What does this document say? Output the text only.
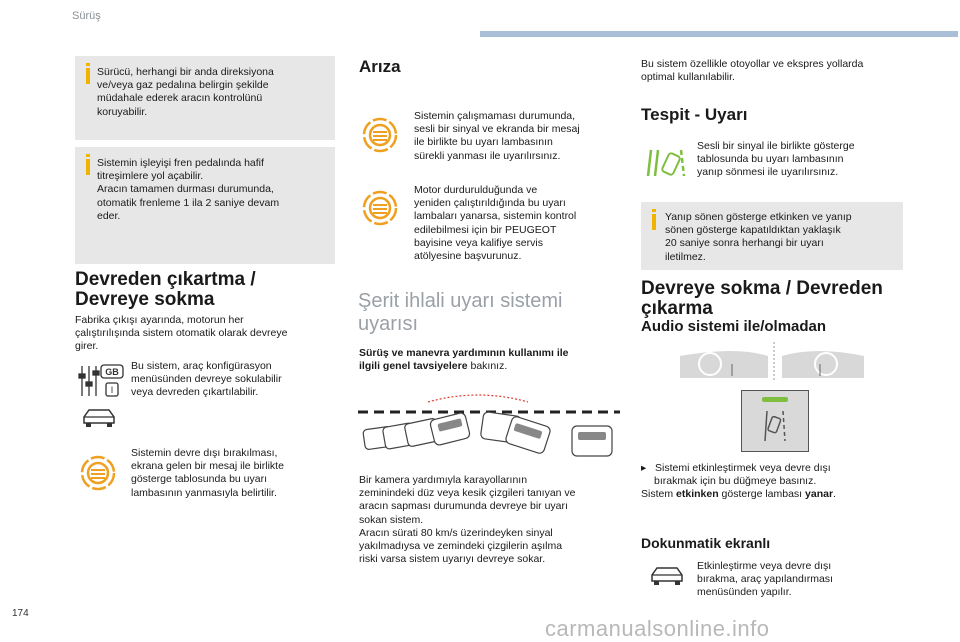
Sürüş
Sürücü, herhangi bir anda direksiyona
ve/veya gaz pedalına belirgin şekilde
müdahale ederek aracın kontrolünü
koruyabilir.
Sistemin işleyişi fren pedalında hafif
titreşimlere yol açabilir.
Aracın tamamen durması durumunda,
otomatik frenleme 1 ila 2 saniye devam
eder.
Devreden çıkartma /
Devreye sokma
Fabrika çıkışı ayarında, motorun her
çalıştırılışında sistem otomatik olarak devreye
girer.
GB
I
Bu sistem, araç konfigürasyon
menüsünden devreye sokulabilir
veya devreden çıkartılabilir.
Sistemin devre dışı bırakılması,
ekrana gelen bir mesaj ile birlikte
gösterge tablosunda bu uyarı
lambasının yanmasıyla belirtilir.
Arıza
Sistemin çalışmaması durumunda,
sesli bir sinyal ve ekranda bir mesaj
ile birlikte bu uyarı lambasının
sürekli yanması ile uyarılırsınız.
Motor durdurulduğunda ve
yeniden çalıştırıldığında bu uyarı
lambaları yanarsa, sistemin kontrol
edilebilmesi için bir PEUGEOT
bayisine veya kalifiye servis
atölyesine başvurunuz.
Şerit ihlali uyarı sistemi
uyarısı
Sürüş ve manevra yardımının kullanımı ile
ilgili genel tavsiyelere bakınız.
Bir kamera yardımıyla karayollarının
zeminindeki düz veya kesik çizgileri tanıyan ve
aracın sapması durumunda devreye bir uyarı
sokan sistem.
Aracın sürati 80 km/s üzerindeyken sinyal
yakılmadıysa ve zemindeki çizgilerin aşılma
riski varsa sistem uyarıyı devreye sokar.
Bu sistem özellikle otoyollar ve ekspres yollarda
optimal kullanılabilir.
Tespit - Uyarı
Sesli bir sinyal ile birlikte gösterge
tablosunda bu uyarı lambasının
yanıp sönmesi ile uyarılırsınız.
Yanıp sönen gösterge etkinken ve yanıp
sönen gösterge kapatıldıktan yaklaşık
20 saniye sonra herhangi bir uyarı
iletilmez.
Devreye sokma / Devreden
çıkarma
Audio sistemi ile/olmadan
▸   Sistemi etkinleştirmek veya devre dışı
bırakmak için bu düğmeye basınız.
Sistem etkinken gösterge lambası yanar.
Dokunmatik ekranlı
Etkinleştirme veya devre dışı
bırakma, araç yapılandırması
menüsünden yapılır.
174
carmanualsonline.info
